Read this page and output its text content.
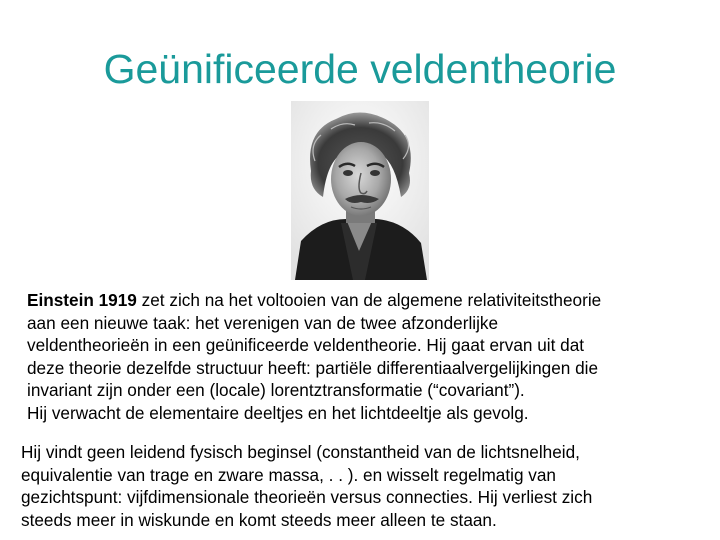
Geünificeerde veldentheorie
Einstein 1919 zet zich na het voltooien van de algemene relativiteitstheorie
aan een nieuwe taak: het verenigen van de twee afzonderlijke
veldentheorieën in een geünificeerde veldentheorie. Hij gaat ervan uit dat
deze theorie dezelfde structuur heeft: partiële differentiaalvergelijkingen die
invariant zijn onder een (locale) lorentztransformatie (“covariant”).
Hij verwacht de elementaire deeltjes en het lichtdeeltje als gevolg.
Hij vindt geen leidend fysisch beginsel (constantheid van de lichtsnelheid,
equivalentie van trage en zware massa, . . ). en wisselt regelmatig van
gezichtspunt: vijfdimensionale theorieën versus connecties. Hij verliest zich
steeds meer in wiskunde en komt steeds meer alleen te staan.
